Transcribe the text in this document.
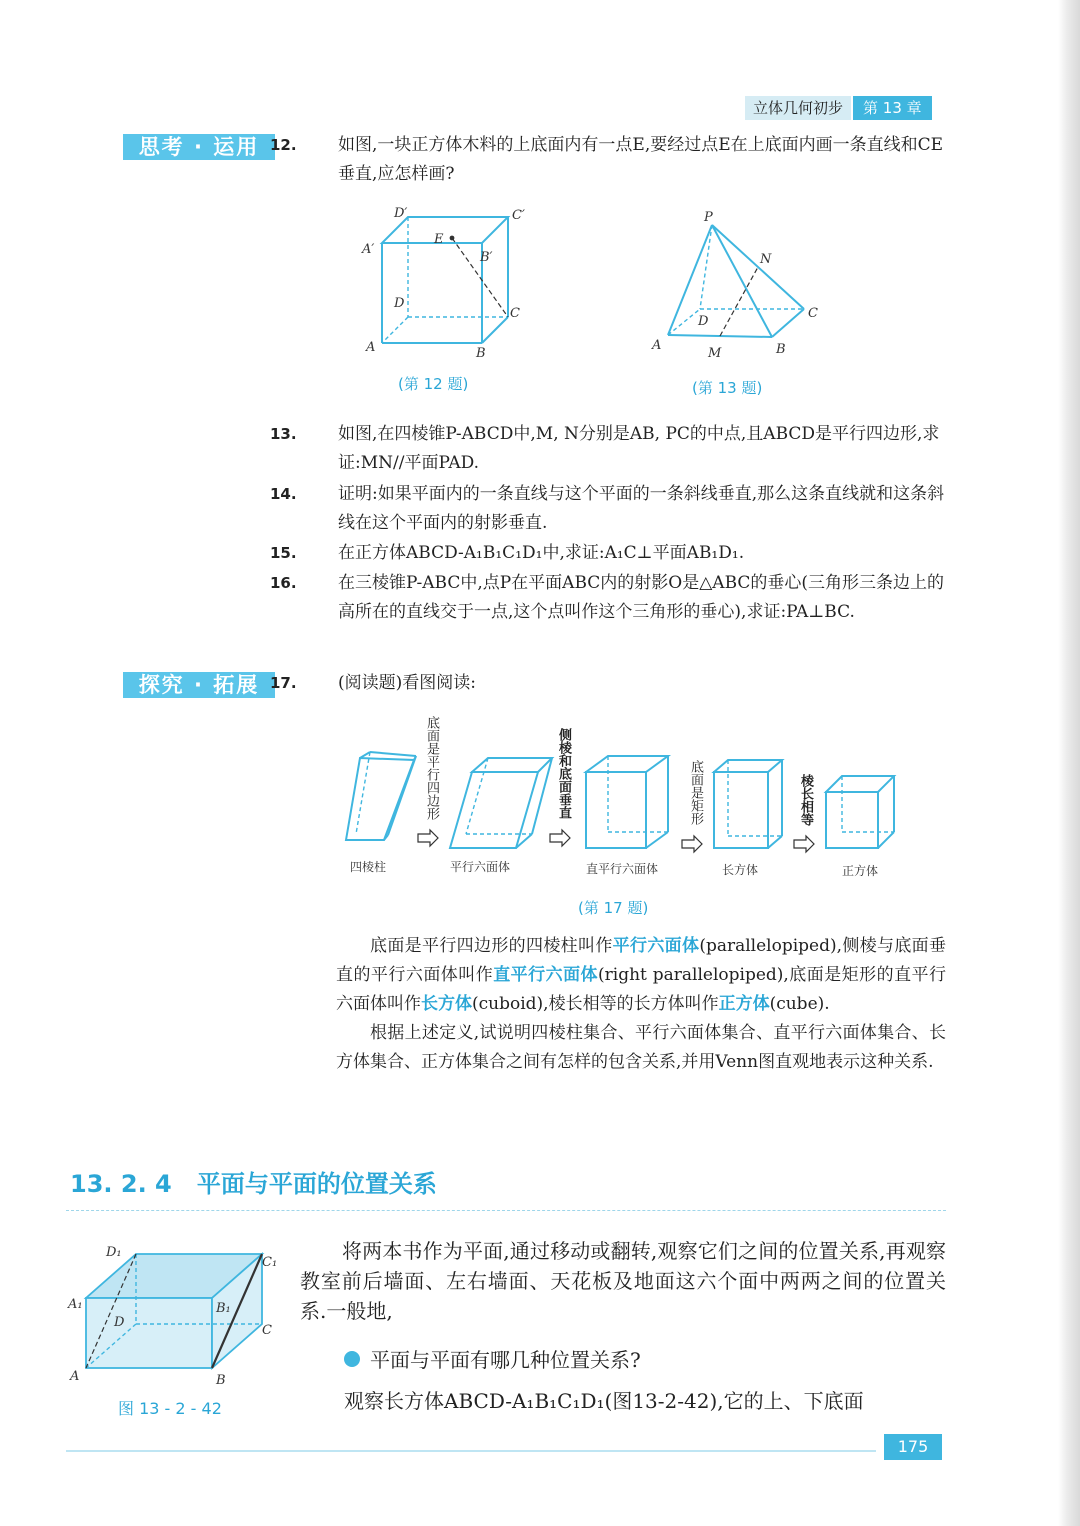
立体几何初步	第 13 章
思考 · 运用 12. 如图,一块正方体木料的上底面内有一点E,要经过点E在上底面内画一条直线和CE垂直,应怎样画?
D′	C′
A′
E
B′
D
C
A	B
(第 12 题)
P
N
C
D
A
M	B
(第 13 题)
13. 如图,在四棱锥P-ABCD中,M, N分别是AB, PC的中点,且ABCD是平行四边形,求证:MN//平面PAD.
14. 证明:如果平面内的一条直线与这个平面的一条斜线垂直,那么这条直线就和这条斜线在这个平面内的射影垂直.
15. 在正方体ABCD-A₁B₁C₁D₁中,求证:A₁C⊥平面AB₁D₁.
16. 在三棱锥P-ABC中,点P在平面ABC内的射影O是△ABC的垂心(三角形三条边上的高所在的直线交于一点,这个点叫作这个三角形的垂心),求证:PA⊥BC.
探究 · 拓展 17. (阅读题)看图阅读:
四棱柱	平行六面体	直平行六面体	长方体	正方体
底面是平行四边形	侧棱和底面垂直	底面是矩形	棱长相等
(第 17 题)
底面是平行四边形的四棱柱叫作平行六面体(parallelopiped),侧棱与底面垂直的平行六面体叫作直平行六面体(right parallelopiped),底面是矩形的直平行六面体叫作长方体(cuboid),棱长相等的长方体叫作正方体(cube).
根据上述定义,试说明四棱柱集合、平行六面体集合、直平行六面体集合、长方体集合、正方体集合之间有怎样的包含关系,并用Venn图直观地表示这种关系.
13. 2. 4 平面与平面的位置关系
D₁
C₁
A₁	B₁
D
C
A	B
图 13 - 2 - 42
将两本书作为平面,通过移动或翻转,观察它们之间的位置关系,再观察教室前后墙面、左右墙面、天花板及地面这六个面中两两之间的位置关系.一般地,
平面与平面有哪几种位置关系?
观察长方体ABCD-A₁B₁C₁D₁(图13-2-42),它的上、下底面
175
